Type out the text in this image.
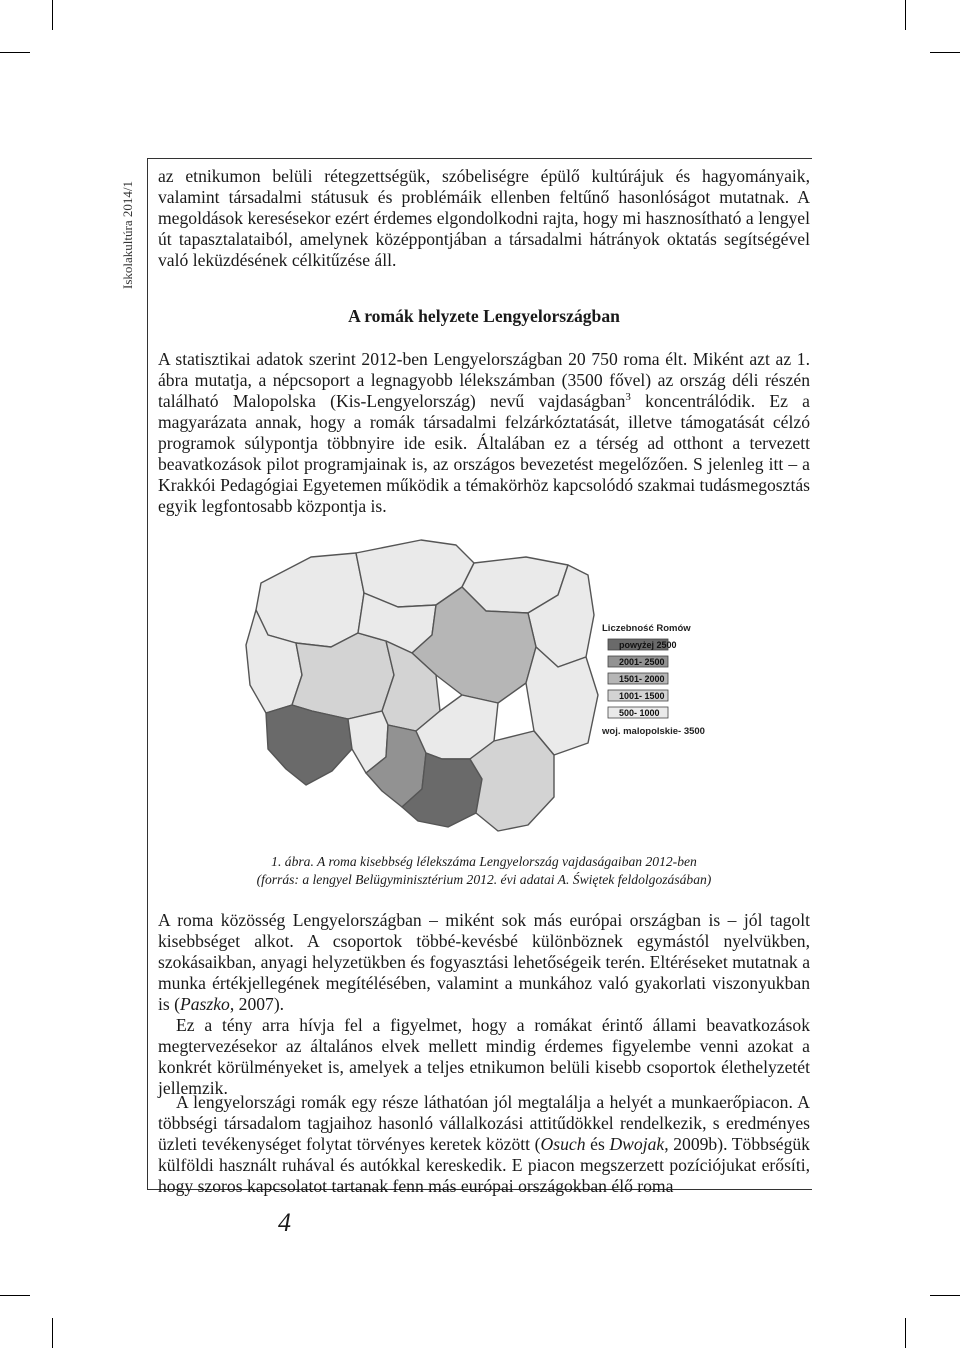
Iskolakultúra 2014/1

az etnikumon belüli rétegzettségük, szóbeliségre épülő kultúrájuk és hagyományaik, valamint társadalmi státusuk és problémáik ellenben feltűnő hasonlóságot mutatnak. A megoldások keresésekor ezért érdemes elgondolkodni rajta, hogy mi hasznosítható a lengyel út tapasztalataiból, amelynek középpontjában a társadalmi hátrányok oktatás segítségével való leküzdésének célkitűzése áll.

A romák helyzete Lengyelországban

A statisztikai adatok szerint 2012-ben Lengyelországban 20 750 roma élt. Miként azt az 1. ábra mutatja, a népcsoport a legnagyobb lélekszámban (3500 fővel) az ország déli részén található Malopolska (Kis-Lengyelország) nevű vajdaságban$^3$ koncentrálódik. Ez a magyarázata annak, hogy a romák társadalmi felzárkóztatását, illetve támogatását célzó programok súlypontja többnyire ide esik. Általában ez a térség ad otthont a tervezett beavatkozások pilot programjainak is, az országos bevezetést megelőzően. S jelenleg itt – a Krakkói Pedagógiai Egyetemen működik a témakörhöz kapcsolódó szakmai tudásmegosztás egyik legfontosabb központja is.

Liczebność Romów
powyżej 2500
2001- 2500
1501- 2000
1001- 1500
500- 1000
woj. malopolskie- 3500
1. ábra. A roma kisebbség lélekszáma Lengyelország vajdaságaiban 2012-ben
(forrás: a lengyel Belügyminisztérium 2012. évi adatai A. Świętek feldolgozásában)

A roma közösség Lengyelországban – miként sok más európai országban is – jól tagolt kisebbséget alkot. A csoportok többé-kevésbé különböznek egymástól nyelvükben, szokásaikban, anyagi helyzetükben és fogyasztási lehetőségeik terén. Eltéréseket mutatnak a munka értékjellegének megítélésében, valamint a munkához való gyakorlati viszonyukban is (Paszko, 2007).

Ez a tény arra hívja fel a figyelmet, hogy a romákat érintő állami beavatkozások megtervezésekor az általános elvek mellett mindig érdemes figyelembe venni azokat a konkrét körülményeket is, amelyek a teljes etnikumon belüli kisebb csoportok élethelyzetét jellemzik.

A lengyelországi romák egy része láthatóan jól megtalálja a helyét a munkaerőpiacon. A többségi társadalom tagjaihoz hasonló vállalkozási attitűdökkel rendelkezik, s eredményes üzleti tevékenységet folytat törvényes keretek között (Osuch és Dwojak, 2009b). Többségük külföldi használt ruhával és autókkal kereskedik. E piacon megszerzett pozíciójukat erősíti, hogy szoros kapcsolatot tartanak fenn más európai országokban élő roma

4
